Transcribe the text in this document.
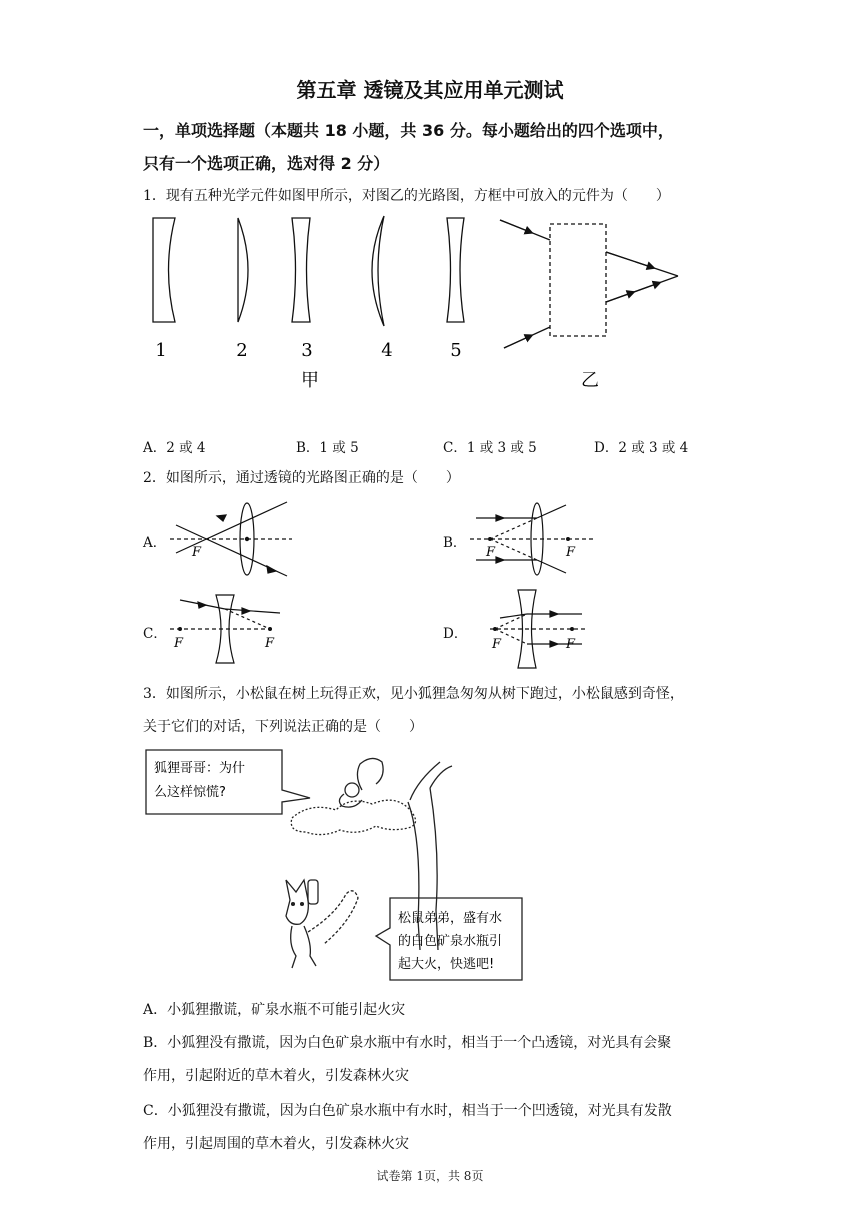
第五章 透镜及其应用单元测试
一，单项选择题（本题共 18 小题，共 36 分。每小题给出的四个选项中，
只有一个选项正确，选对得 2 分）
1．现有五种光学元件如图甲所示，对图乙的光路图，方框中可放入的元件为（　　）
1	2	3	4	5
甲	乙
A．2 或 4	B．1 或 5	C．1 或 3 或 5	D．2 或 3 或 4
2．如图所示，通过透镜的光路图正确的是（　　）
A．	B．
C．	D．
F	F	F
F	F	F	F
3．如图所示，小松鼠在树上玩得正欢，见小狐狸急匆匆从树下跑过，小松鼠感到奇怪，
关于它们的对话，下列说法正确的是（　　）
狐狸哥哥：为什
么这样惊慌?
松鼠弟弟，盛有水
的白色矿泉水瓶引
起大火，快逃吧!
A．小狐狸撒谎，矿泉水瓶不可能引起火灾
B．小狐狸没有撒谎，因为白色矿泉水瓶中有水时，相当于一个凸透镜，对光具有会聚
作用，引起附近的草木着火，引发森林火灾
C．小狐狸没有撒谎，因为白色矿泉水瓶中有水时，相当于一个凹透镜，对光具有发散
作用，引起周围的草木着火，引发森林火灾
试卷第 1页，共 8页
